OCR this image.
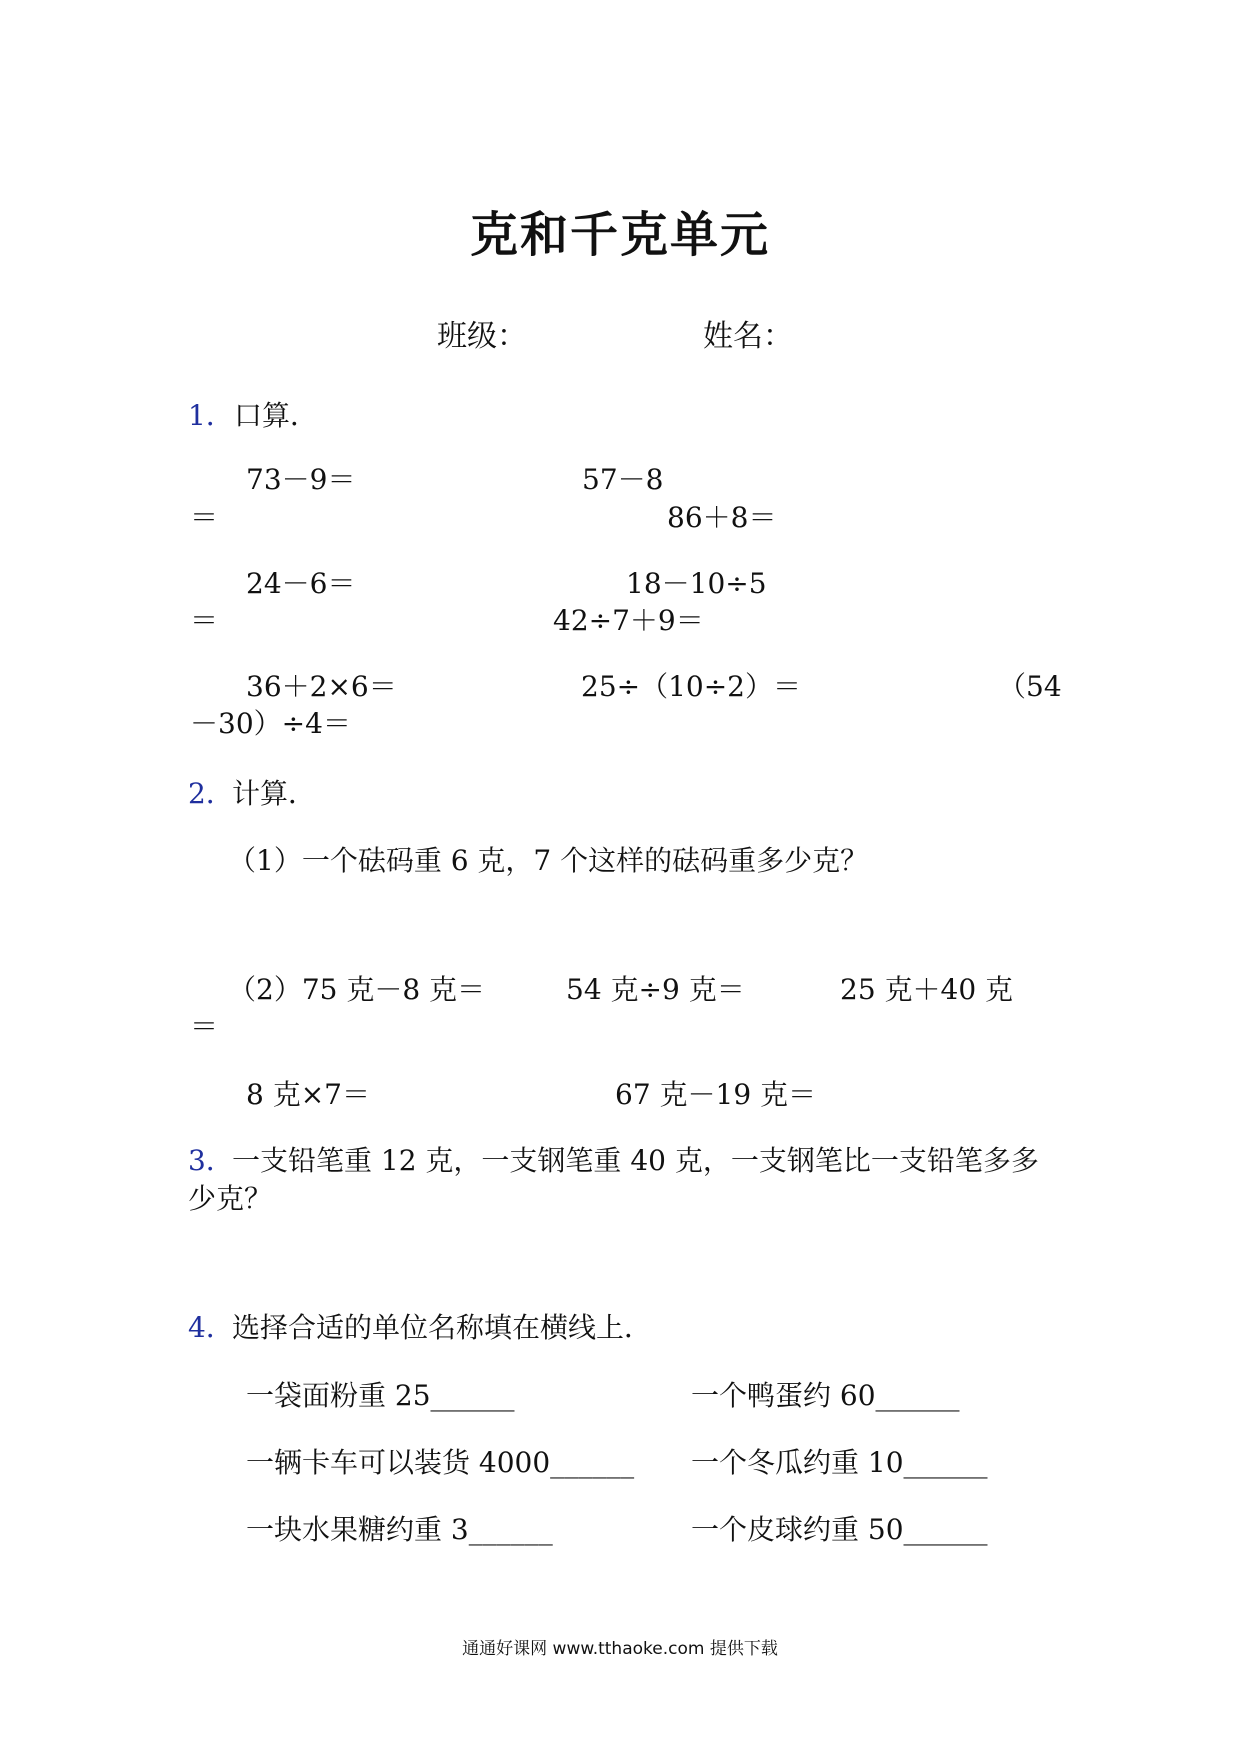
克和千克单元
班级：	姓名：
1． 口算．
73－9＝	57－8
＝	86＋8＝
24－6＝	18－10÷5
＝	42÷7＋9＝
36＋2×6＝	25÷（10÷2）＝	（54
－30）÷4＝
2．
计算．
（1）一个砝码重 6 克，7 个这样的砝码重多少克？
（2）75 克－8 克＝	54 克÷9 克＝	25 克＋40 克
＝
8 克×7＝	67 克－19 克＝
3．
一支铅笔重 12 克，一支钢笔重 40 克，一支钢笔比一支铅笔多多
少克？
4．
选择合适的单位名称填在横线上．
一袋面粉重 25______	一个鸭蛋约 60______
一辆卡车可以装货 4000______ 一个冬瓜约重 10______
一块水果糖约重 3______	一个皮球约重 50______
通通好课网 www.tthaoke.com 提供下载
